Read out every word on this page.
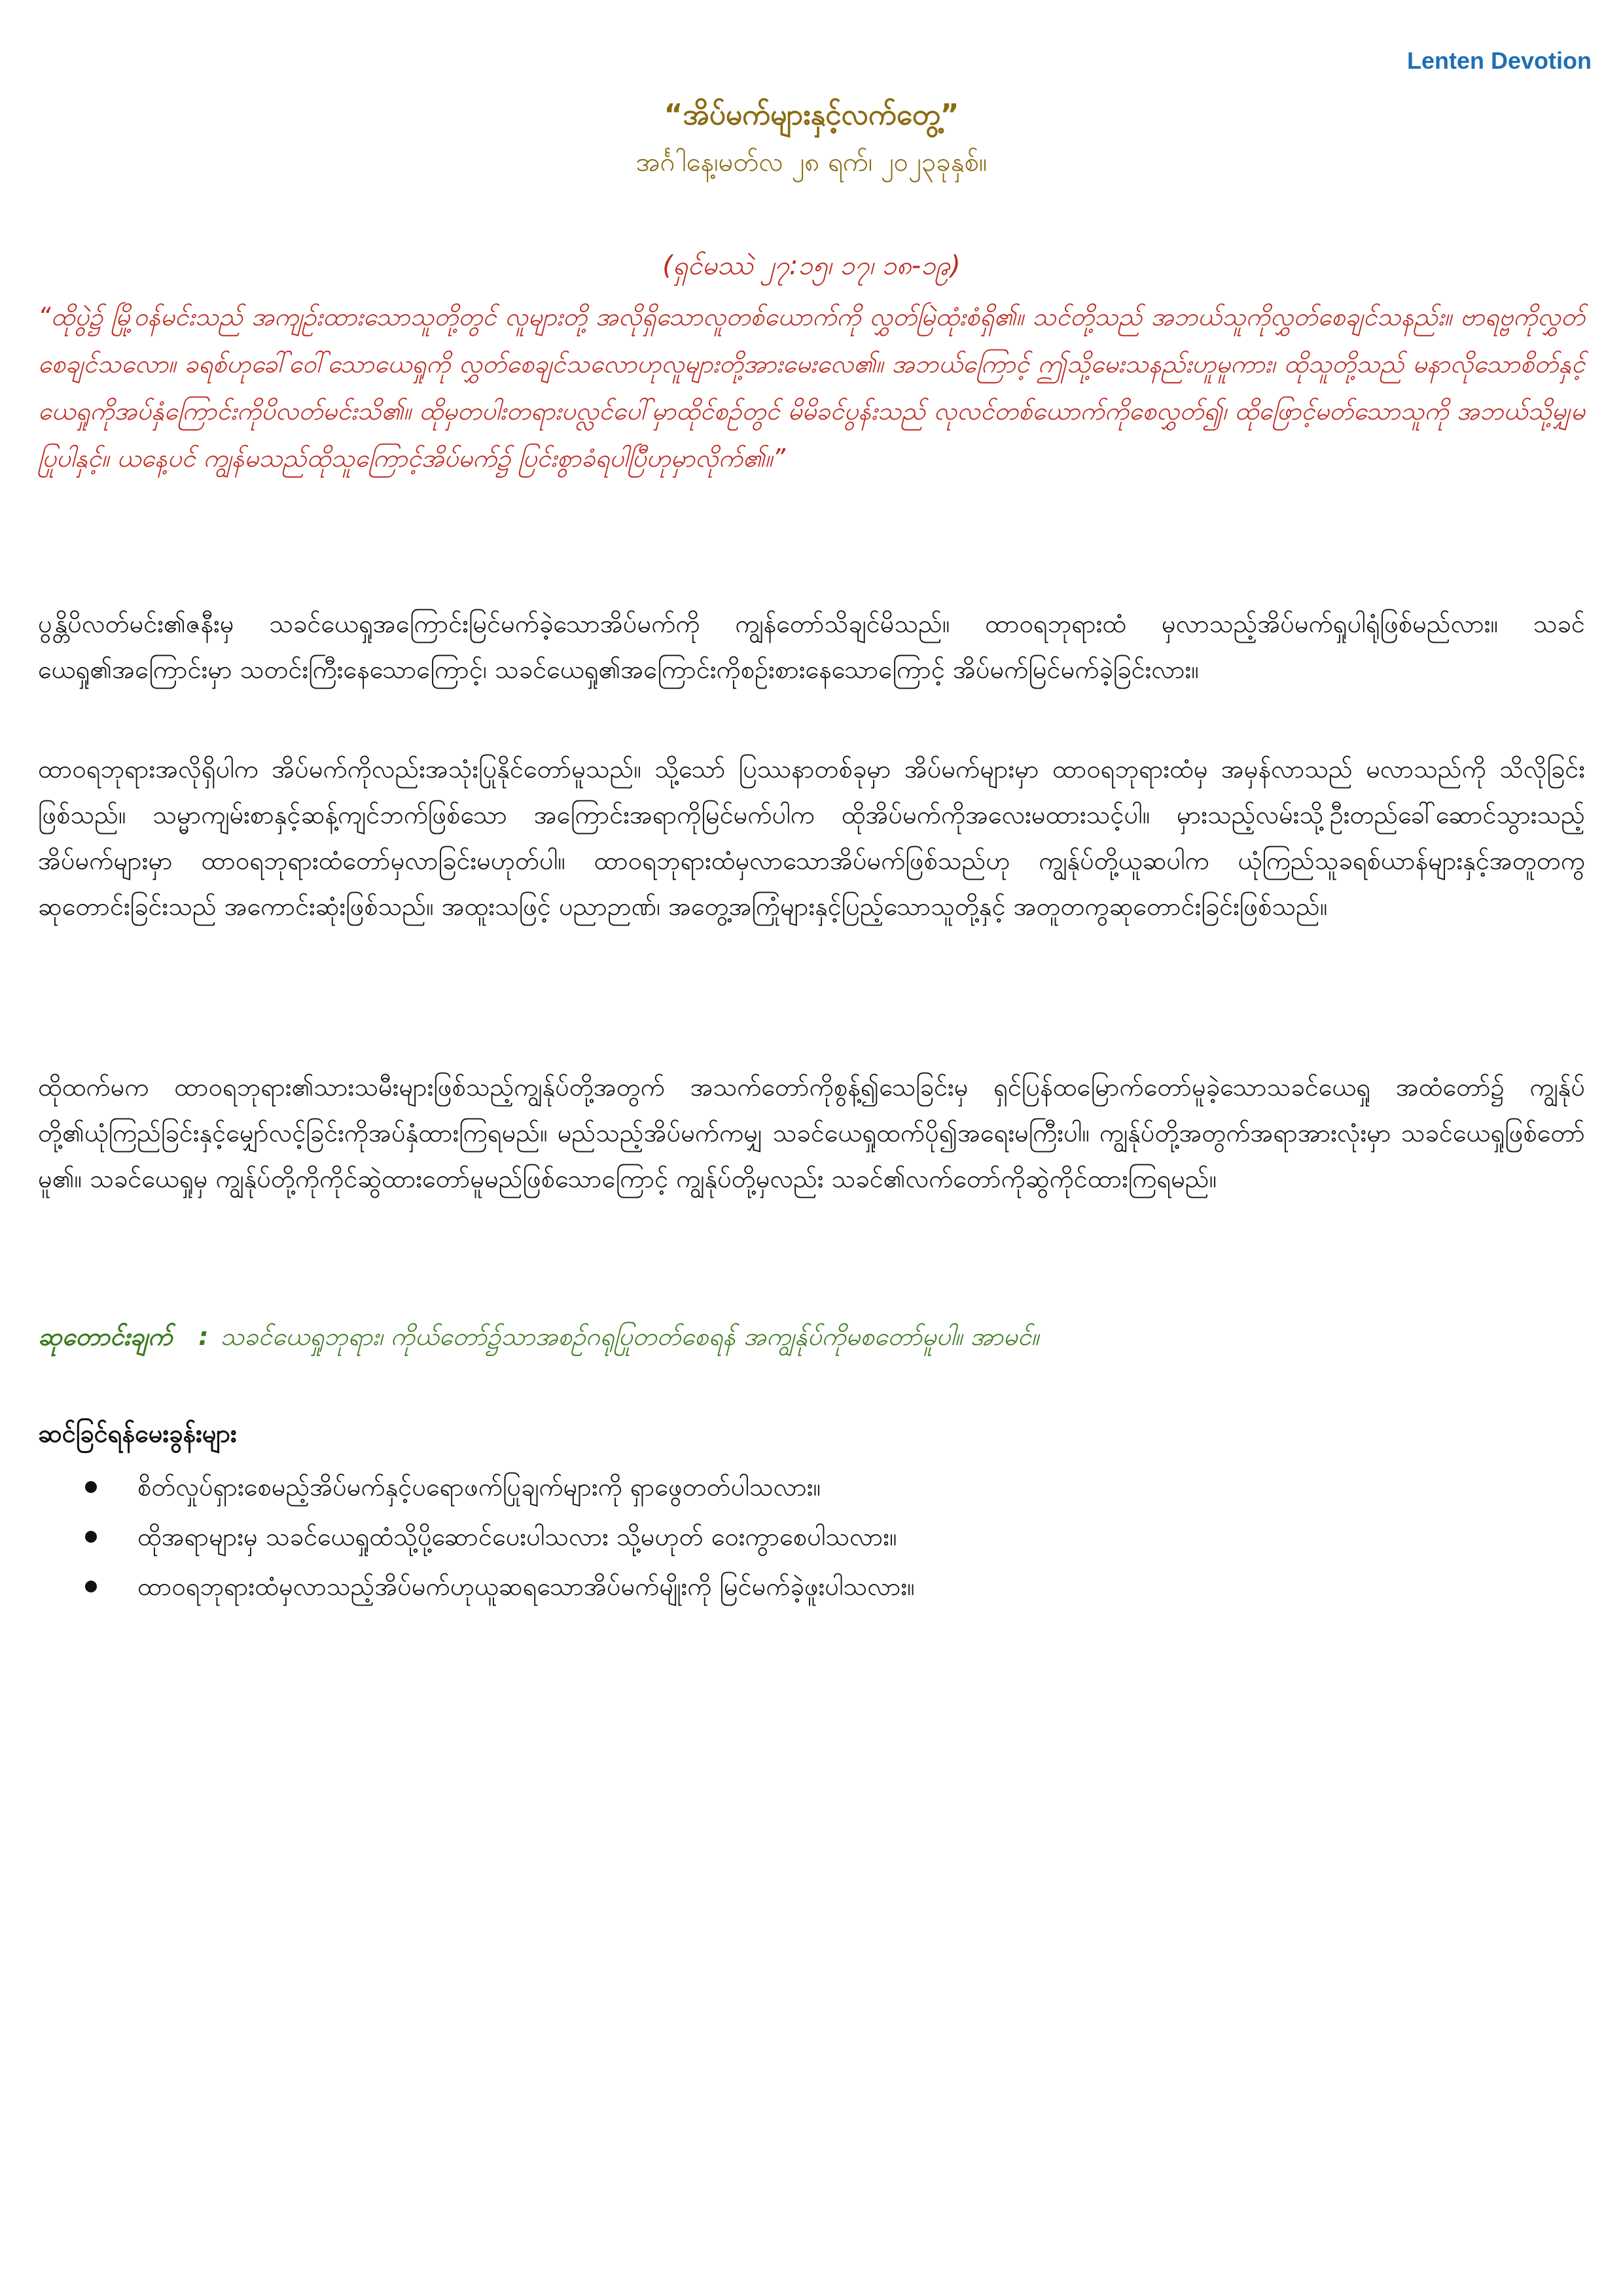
Lenten Devotion
“အိပ်မက်များနှင့်လက်တွေ့”
အင်္ဂါနေ့၊မတ်လ ၂၈ ရက်၊ ၂၀၂၃ခုနှစ်။
(ရှင်မဿဲ ၂၇:၁၅၊ ၁၇၊ ၁၈-၁၉)
“ထိုပွဲ၌ မြို့ဝန်မင်းသည် အကျဉ်းထားသောသူတို့တွင် လူများတို့ အလိုရှိသောလူတစ်ယောက်ကို လွှတ်မြဲထုံးစံရှိ၏။ သင်တို့သည် အဘယ်သူကိုလွှတ်စေချင်သနည်း။ ဗာရဗ္ဗကိုလွှတ်စေချင်သလော။ ခရစ်ဟုခေါ်ဝေါ်သောယေရှုကို လွှတ်စေချင်သလောဟုလူများတို့အားမေးလေ၏။ အဘယ်ကြောင့် ဤသို့မေးသနည်းဟူမူကား၊ ထိုသူတို့သည် မနာလိုသောစိတ်နှင့်ယေရှုကိုအပ်နှံကြောင်းကိုပိလတ်မင်းသိ၏။ ထိုမှတပါးတရားပလ္လင်ပေါ်မှာထိုင်စဉ်တွင် မိမိခင်ပွန်းသည် လုလင်တစ်ယောက်ကိုစေလွှတ်၍၊ ထိုဖြောင့်မတ်သောသူကို အဘယ်သို့မျှမပြုပါနှင့်။ ယနေ့ပင် ကျွန်မသည်ထိုသူကြောင့်အိပ်မက်၌ ပြင်းစွာခံရပါပြီဟုမှာလိုက်၏။”
ပွန္တိပိလတ်မင်း၏ဇနီးမှ သခင်ယေရှုအကြောင်းမြင်မက်ခဲ့သောအိပ်မက်ကို ကျွန်တော်သိချင်မိသည်။ ထာဝရဘုရားထံ မှလာသည့်အိပ်မက်ရှုပါရုံဖြစ်မည်လား။ သခင်ယေရှု၏အကြောင်းမှာ သတင်းကြီးနေသောကြောင့်၊ သခင်ယေရှု၏အကြောင်းကိုစဉ်းစားနေသောကြောင့် အိပ်မက်မြင်မက်ခဲ့ခြင်းလား။
ထာဝရဘုရားအလိုရှိပါက အိပ်မက်ကိုလည်းအသုံးပြုနိုင်တော်မူသည်။ သို့သော် ပြဿနာတစ်ခုမှာ အိပ်မက်များမှာ ထာဝရဘုရားထံမှ အမှန်လာသည် မလာသည်ကို သိလိုခြင်းဖြစ်သည်။ သမ္မာကျမ်းစာနှင့်ဆန့်ကျင်ဘက်ဖြစ်သော အကြောင်းအရာကိုမြင်မက်ပါက ထိုအိပ်မက်ကိုအလေးမထားသင့်ပါ။ မှားသည့်လမ်းသို့ဦးတည်ခေါ်ဆောင်သွားသည့် အိပ်မက်များမှာ ထာဝရဘုရားထံတော်မှလာခြင်းမဟုတ်ပါ။ ထာဝရဘုရားထံမှလာသောအိပ်မက်ဖြစ်သည်ဟု ကျွန်ုပ်တို့ယူဆပါက ယုံကြည်သူခရစ်ယာန်များနှင့်အတူတကွဆုတောင်းခြင်းသည် အကောင်းဆုံးဖြစ်သည်။ အထူးသဖြင့် ပညာဉာဏ်၊ အတွေ့အကြုံများနှင့်ပြည့်သောသူတို့နှင့် အတူတကွဆုတောင်းခြင်းဖြစ်သည်။
ထိုထက်မက ထာဝရဘုရား၏သားသမီးများဖြစ်သည့်ကျွန်ုပ်တို့အတွက် အသက်တော်ကိုစွန့်၍သေခြင်းမှ ရှင်ပြန်ထမြောက်တော်မူခဲ့သောသခင်ယေရှု အထံတော်၌ ကျွန်ုပ်တို့၏ယုံကြည်ခြင်းနှင့်မျှော်လင့်ခြင်းကိုအပ်နှံထားကြရမည်။ မည်သည့်အိပ်မက်ကမျှ သခင်ယေရှုထက်ပို၍အရေးမကြီးပါ။ ကျွန်ုပ်တို့အတွက်အရာအားလုံးမှာ သခင်ယေရှုဖြစ်တော်မူ၏။ သခင်ယေရှုမှ ကျွန်ုပ်တို့ကိုကိုင်ဆွဲထားတော်မူမည်ဖြစ်သောကြောင့် ကျွန်ုပ်တို့မှလည်း သခင်၏လက်တော်ကိုဆွဲကိုင်ထားကြရမည်။
ဆုတောင်းချက် : သခင်ယေရှုဘုရား၊ ကိုယ်တော်၌သာအစဉ်ဂရုပြုတတ်စေရန် အကျွန်ုပ်ကိုမစတော်မူပါ။ အာမင်။
ဆင်ခြင်ရန်မေးခွန်းများ
စိတ်လှုပ်ရှားစေမည့်အိပ်မက်နှင့်ပရောဖက်ပြုချက်များကို ရှာဖွေတတ်ပါသလား။
ထိုအရာများမှ သခင်ယေရှုထံသို့ပို့ဆောင်ပေးပါသလား သို့မဟုတ် ဝေးကွာစေပါသလား။
ထာဝရဘုရားထံမှလာသည့်အိပ်မက်ဟုယူဆရသောအိပ်မက်မျိုးကို မြင်မက်ခဲ့ဖူးပါသလား။
